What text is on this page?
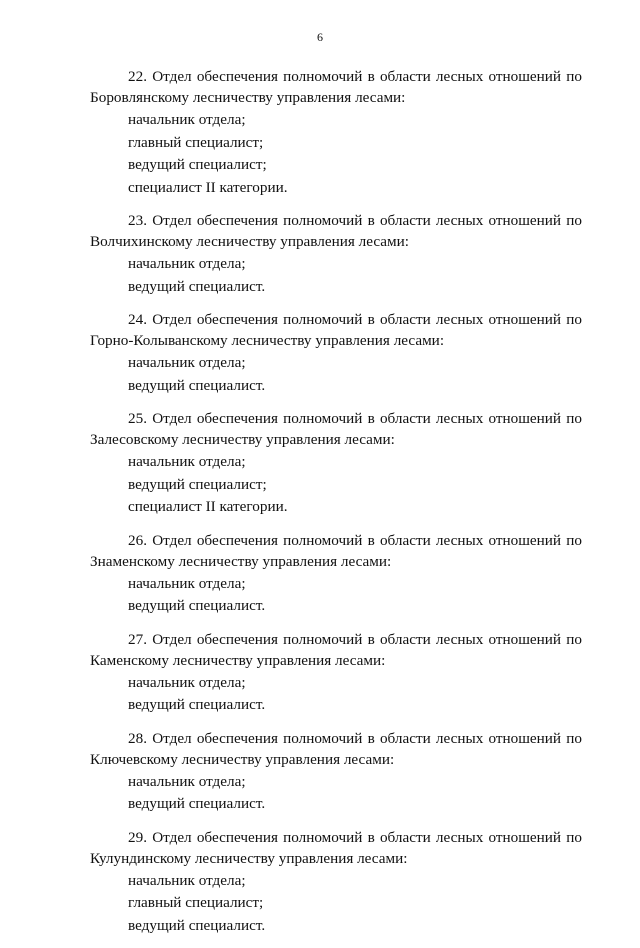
6
22. Отдел обеспечения полномочий в области лесных отношений по
Боровлянскому лесничеству управления лесами:
начальник отдела;
главный специалист;
ведущий специалист;
специалист II категории.
23. Отдел обеспечения полномочий в области лесных отношений по
Волчихинскому лесничеству управления лесами:
начальник отдела;
ведущий специалист.
24. Отдел обеспечения полномочий в области лесных отношений по
Горно-Колыванскому лесничеству управления лесами:
начальник отдела;
ведущий специалист.
25. Отдел обеспечения полномочий в области лесных отношений по
Залесовскому лесничеству управления лесами:
начальник отдела;
ведущий специалист;
специалист II категории.
26. Отдел обеспечения полномочий в области лесных отношений по
Знаменскому лесничеству управления лесами:
начальник отдела;
ведущий специалист.
27. Отдел обеспечения полномочий в области лесных отношений по
Каменскому лесничеству управления лесами:
начальник отдела;
ведущий специалист.
28. Отдел обеспечения полномочий в области лесных отношений по
Ключевскому лесничеству управления лесами:
начальник отдела;
ведущий специалист.
29. Отдел обеспечения полномочий в области лесных отношений по
Кулундинскому лесничеству управления лесами:
начальник отдела;
главный специалист;
ведущий специалист.
